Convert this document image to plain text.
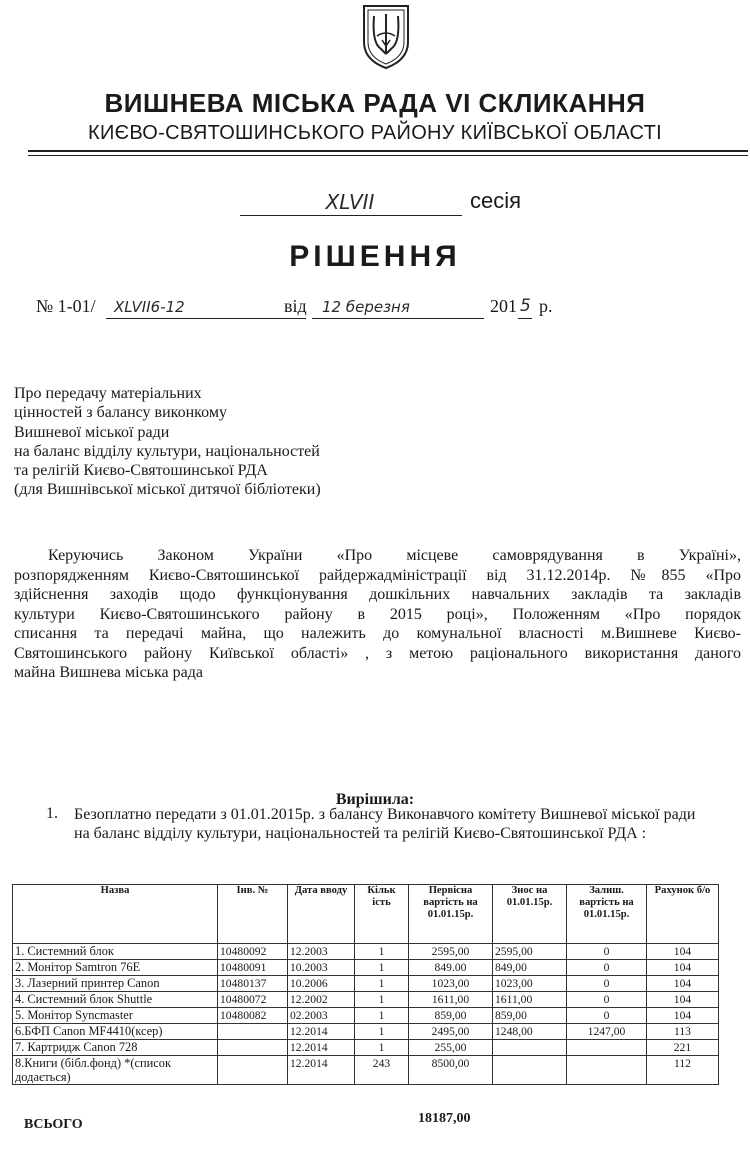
ВИШНЕВА МІСЬКА РАДА VI СКЛИКАННЯ
КИЄВО-СВЯТОШИНСЬКОГО РАЙОНУ КИЇВСЬКОЇ ОБЛАСТІ
XLVII	сесія
РІШЕННЯ
№ 1-01/ XLVII6-12	від 12 березня	201 5 р.
Про передачу матеріальних
цінностей з балансу виконкому
Вишневої міської ради
на баланс відділу культури, національностей
та релігій Києво-Святошинської РДА
(для Вишнівської міської дитячої бібліотеки)
Керуючись Законом України «Про місцеве самоврядування в Україні»,
розпорядженням Києво-Святошинської райдержадміністрації від 31.12.2014р. №855 «Про
здійснення заходів щодо функціонування дошкільних навчальних закладів та закладів
культури Києво-Святошинського району в 2015 році», Положенням «Про порядок
списання та передачі майна, що належить до комунальної власності м.Вишневе Києво-
Святошинського району Київської області» , з метою раціонального використання даного
майна Вишнева міська рада
Вирішила:
1. Безоплатно передати з 01.01.2015р. з балансу Виконавчого комітету Вишневої міської ради на баланс відділу культури, національностей та релігій Києво-Святошинської РДА :
Назва	Інв. №	Дата вводу	Кільк ість	Первісна вартість на 01.01.15р.	Знос на 01.01.15р.	Залиш. вартість на 01.01.15р.	Рахунок б/о
1. Системний блок	10480092	12.2003	1	2595,00	2595,00	0	104
2. Монітор Samtron 76E	10480091	10.2003	1	849.00	849,00	0	104
3. Лазерний принтер Canon	10480137	10.2006	1	1023,00	1023,00	0	104
4. Системний блок Shuttle	10480072	12.2002	1	1611,00	1611,00	0	104
5. Монітор Syncmaster	10480082	02.2003	1	859,00	859,00	0	104
6.БФП Canon MF4410(ксер)		12.2014	1	2495,00	1248,00	1247,00	113
7. Картридж Canon 728		12.2014	1	255,00			221
8.Книги (бібл.фонд) *(список додається)		12.2014	243	8500,00			112
ВСЬОГО	18187,00
